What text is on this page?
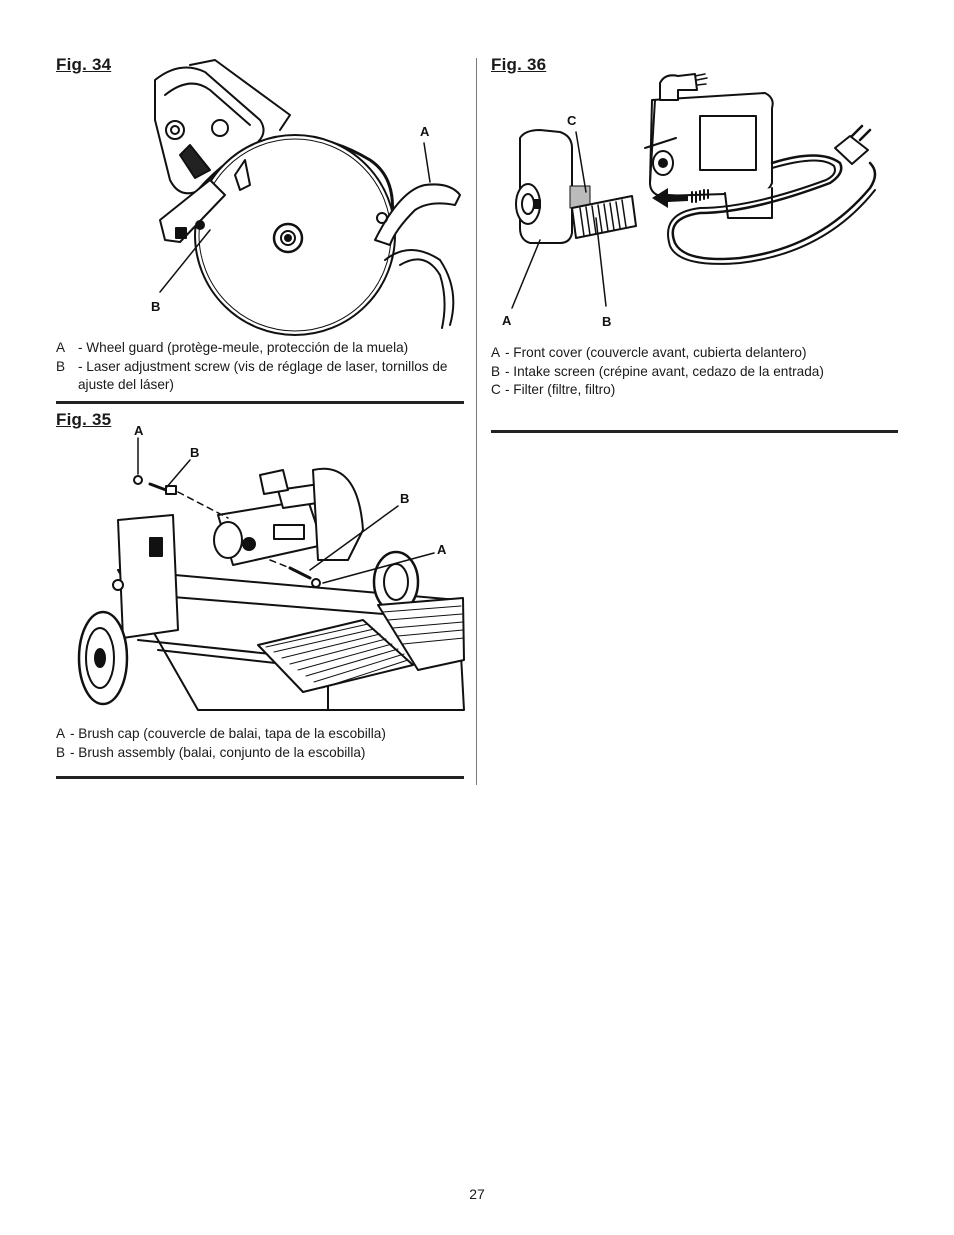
Fig. 34
A
B
A - Wheel guard (protège-meule, protección de la muela)
B - Laser adjustment screw (vis de réglage de laser, tornillos de ajuste del láser)
Fig. 35
A
B
B
A
A - Brush cap (couvercle de balai, tapa de la escobilla)
B - Brush assembly (balai, conjunto de la escobilla)
Fig. 36
C
A	B
A - Front cover (couvercle avant, cubierta delantero)
B - Intake screen (crépine avant, cedazo de la entrada)
C - Filter (filtre, filtro)
27
